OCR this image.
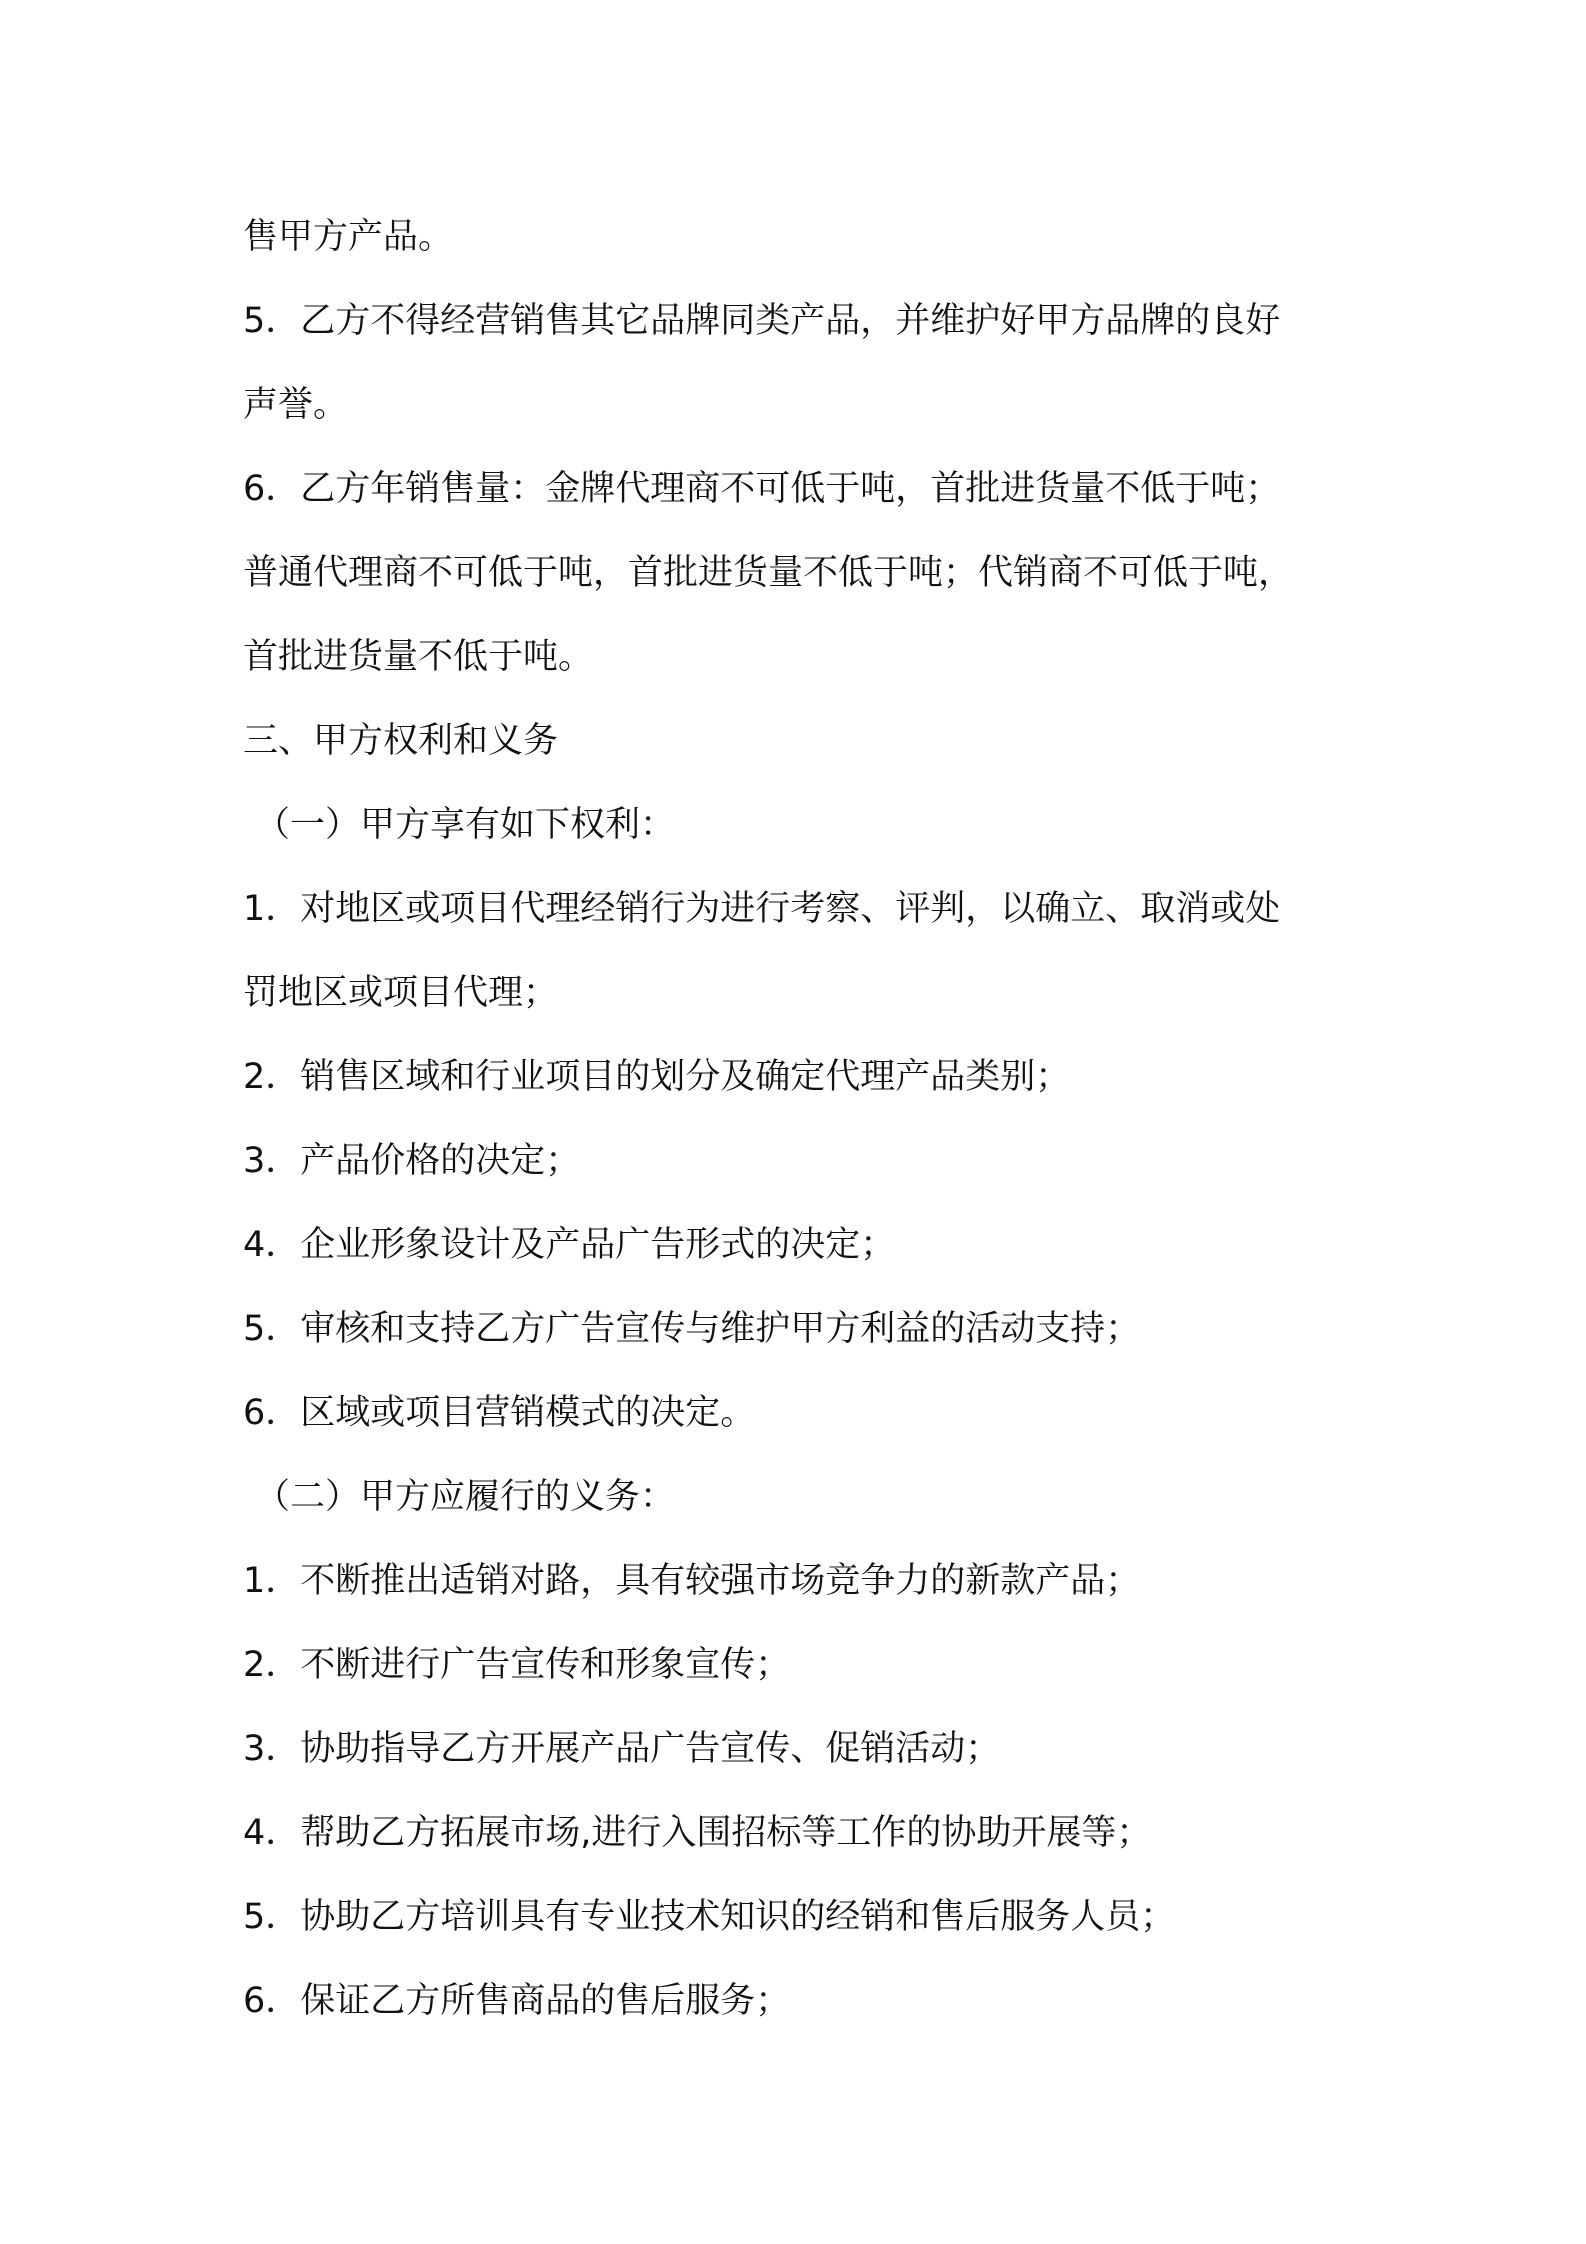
售甲方产品。
5．乙方不得经营销售其它品牌同类产品，并维护好甲方品牌的良好
声誉。
6．乙方年销售量：金牌代理商不可低于吨，首批进货量不低于吨；
普通代理商不可低于吨，首批进货量不低于吨；代销商不可低于吨，
首批进货量不低于吨。
三、甲方权利和义务
（一）甲方享有如下权利：
1．对地区或项目代理经销行为进行考察、评判，以确立、取消或处
罚地区或项目代理；
2．销售区域和行业项目的划分及确定代理产品类别；
3．产品价格的决定；
4．企业形象设计及产品广告形式的决定；
5．审核和支持乙方广告宣传与维护甲方利益的活动支持；
6．区域或项目营销模式的决定。
（二）甲方应履行的义务：
1．不断推出适销对路，具有较强市场竞争力的新款产品；
2．不断进行广告宣传和形象宣传；
3．协助指导乙方开展产品广告宣传、促销活动；
4．帮助乙方拓展市场,进行入围招标等工作的协助开展等；
5．协助乙方培训具有专业技术知识的经销和售后服务人员；
6．保证乙方所售商品的售后服务；
